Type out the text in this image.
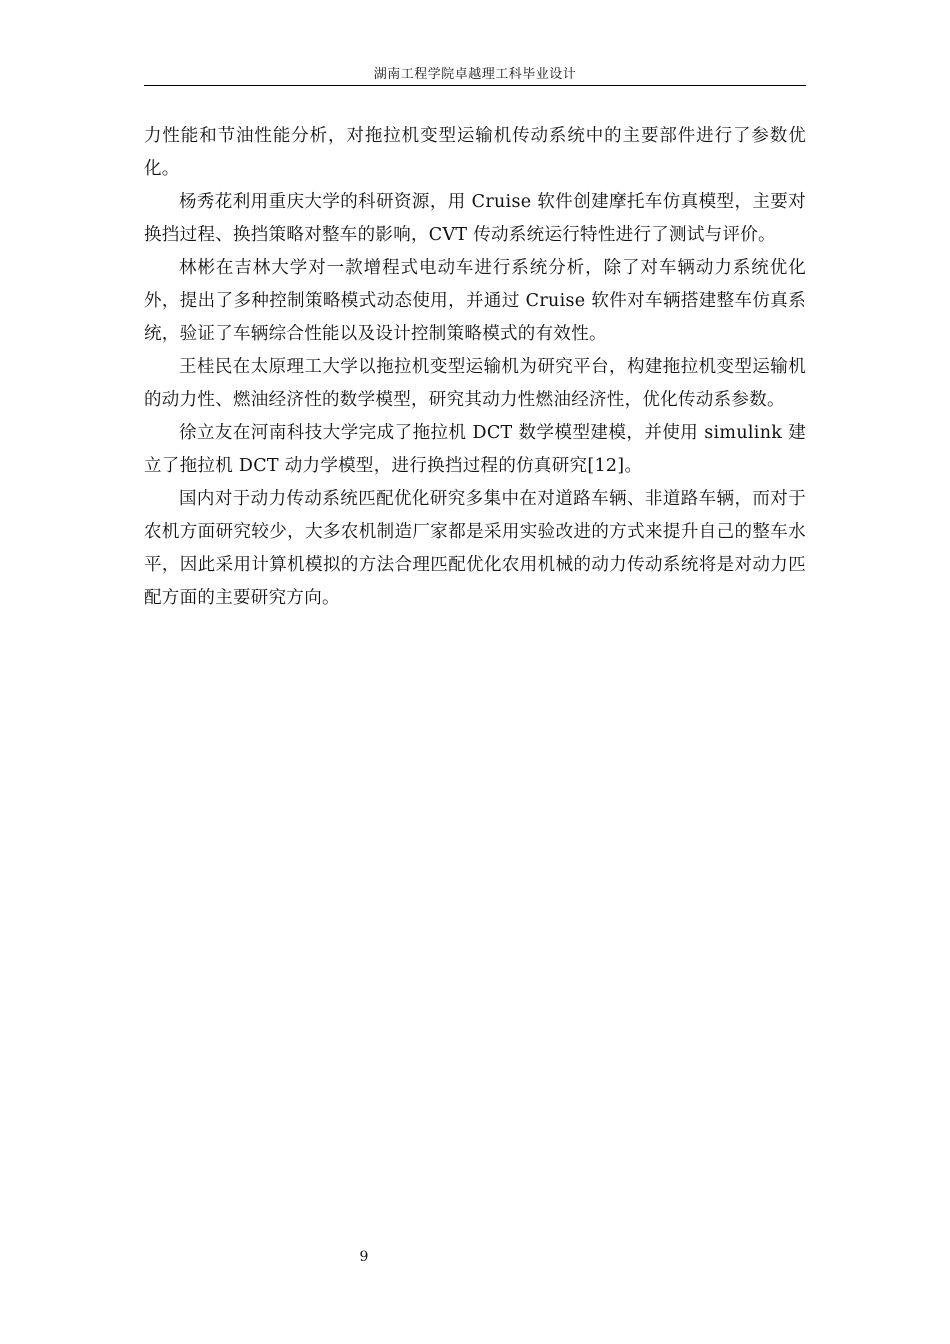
湖南工程学院卓越理工科毕业设计

力性能和节油性能分析，对拖拉机变型运输机传动系统中的主要部件进行了参数优化。

杨秀花利用重庆大学的科研资源，用 Cruise 软件创建摩托车仿真模型，主要对换挡过程、换挡策略对整车的影响，CVT 传动系统运行特性进行了测试与评价。

林彬在吉林大学对一款增程式电动车进行系统分析，除了对车辆动力系统优化外，提出了多种控制策略模式动态使用，并通过 Cruise 软件对车辆搭建整车仿真系统，验证了车辆综合性能以及设计控制策略模式的有效性。

王桂民在太原理工大学以拖拉机变型运输机为研究平台，构建拖拉机变型运输机的动力性、燃油经济性的数学模型，研究其动力性燃油经济性，优化传动系参数。

徐立友在河南科技大学完成了拖拉机 DCT 数学模型建模，并使用 simulink 建立了拖拉机 DCT 动力学模型，进行换挡过程的仿真研究[12]。

国内对于动力传动系统匹配优化研究多集中在对道路车辆、非道路车辆，而对于农机方面研究较少，大多农机制造厂家都是采用实验改进的方式来提升自己的整车水平，因此采用计算机模拟的方法合理匹配优化农用机械的动力传动系统将是对动力匹配方面的主要研究方向。

9
